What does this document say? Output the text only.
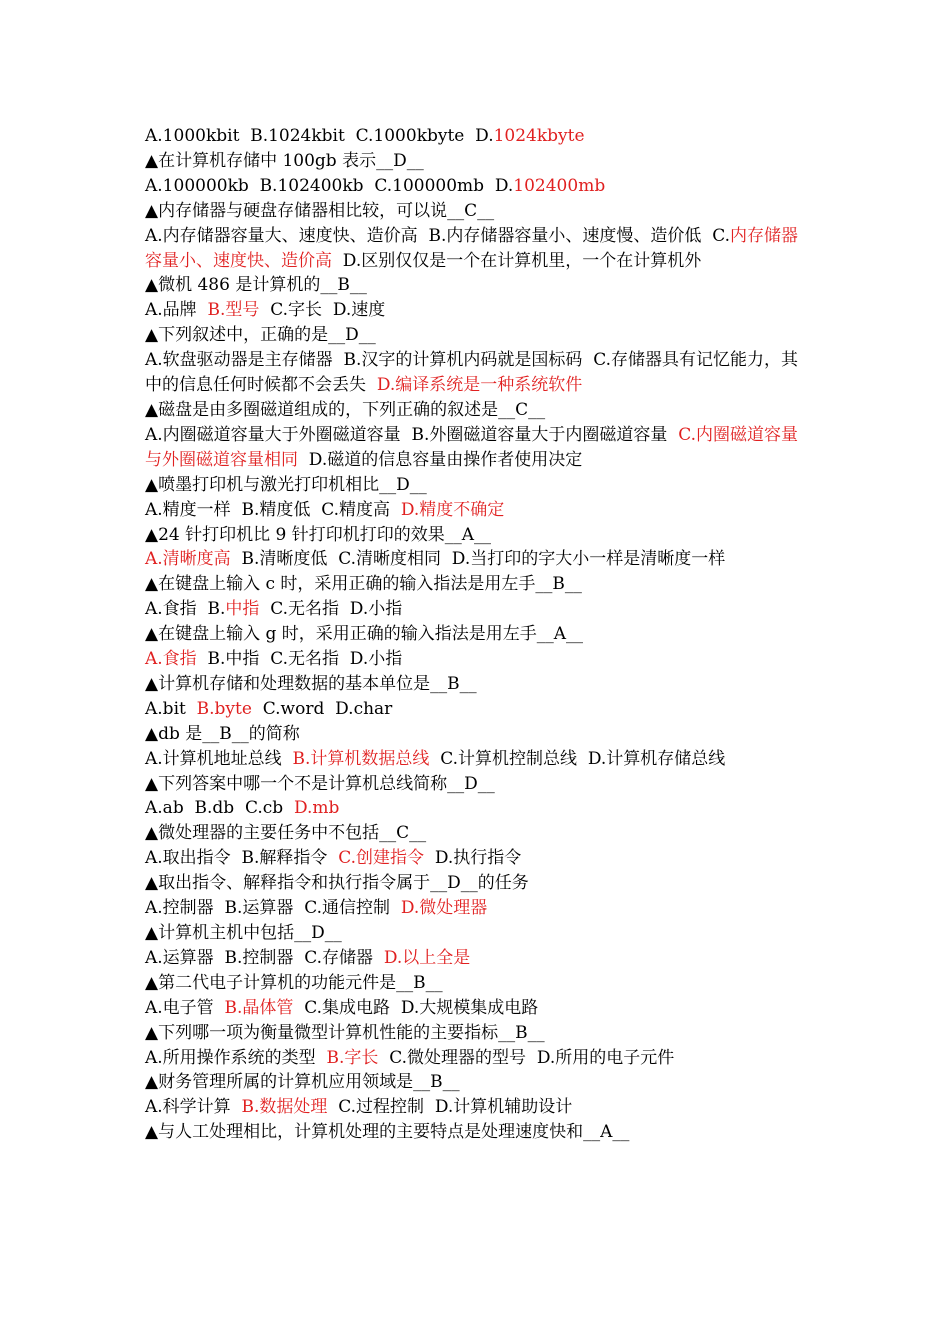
A.1000kbit  B.1024kbit  C.1000kbyte  D.1024kbyte
▲在计算机存储中 100gb 表示__D__
A.100000kb  B.102400kb  C.100000mb  D.102400mb
▲内存储器与硬盘存储器相比较，可以说__C__
A.内存储器容量大、速度快、造价高  B.内存储器容量小、速度慢、造价低  C.内存储器容量小、速度快、造价高  D.区别仅仅是一个在计算机里，一个在计算机外
▲微机 486 是计算机的__B__
A.品牌  B.型号  C.字长  D.速度
▲下列叙述中，正确的是__D__
A.软盘驱动器是主存储器  B.汉字的计算机内码就是国标码  C.存储器具有记忆能力，其中的信息任何时候都不会丢失  D.编译系统是一种系统软件
▲磁盘是由多圈磁道组成的，下列正确的叙述是__C__
A.内圈磁道容量大于外圈磁道容量  B.外圈磁道容量大于内圈磁道容量  C.内圈磁道容量与外圈磁道容量相同  D.磁道的信息容量由操作者使用决定
▲喷墨打印机与激光打印机相比__D__
A.精度一样  B.精度低  C.精度高  D.精度不确定
▲24 针打印机比 9 针打印机打印的效果__A__
A.清晰度高  B.清晰度低  C.清晰度相同  D.当打印的字大小一样是清晰度一样
▲在键盘上输入 c 时，采用正确的输入指法是用左手__B__
A.食指  B.中指  C.无名指  D.小指
▲在键盘上输入 g 时，采用正确的输入指法是用左手__A__
A.食指  B.中指  C.无名指  D.小指
▲计算机存储和处理数据的基本单位是__B__
A.bit  B.byte  C.word  D.char
▲db 是__B__的简称
A.计算机地址总线  B.计算机数据总线  C.计算机控制总线  D.计算机存储总线
▲下列答案中哪一个不是计算机总线简称__D__
A.ab  B.db  C.cb  D.mb
▲微处理器的主要任务中不包括__C__
A.取出指令  B.解释指令  C.创建指令  D.执行指令
▲取出指令、解释指令和执行指令属于__D__的任务
A.控制器  B.运算器  C.通信控制  D.微处理器
▲计算机主机中包括__D__
A.运算器  B.控制器  C.存储器  D.以上全是
▲第二代电子计算机的功能元件是__B__
A.电子管  B.晶体管  C.集成电路  D.大规模集成电路
▲下列哪一项为衡量微型计算机性能的主要指标__B__
A.所用操作系统的类型  B.字长  C.微处理器的型号  D.所用的电子元件
▲财务管理所属的计算机应用领域是__B__
A.科学计算  B.数据处理  C.过程控制  D.计算机辅助设计
▲与人工处理相比，计算机处理的主要特点是处理速度快和__A__
